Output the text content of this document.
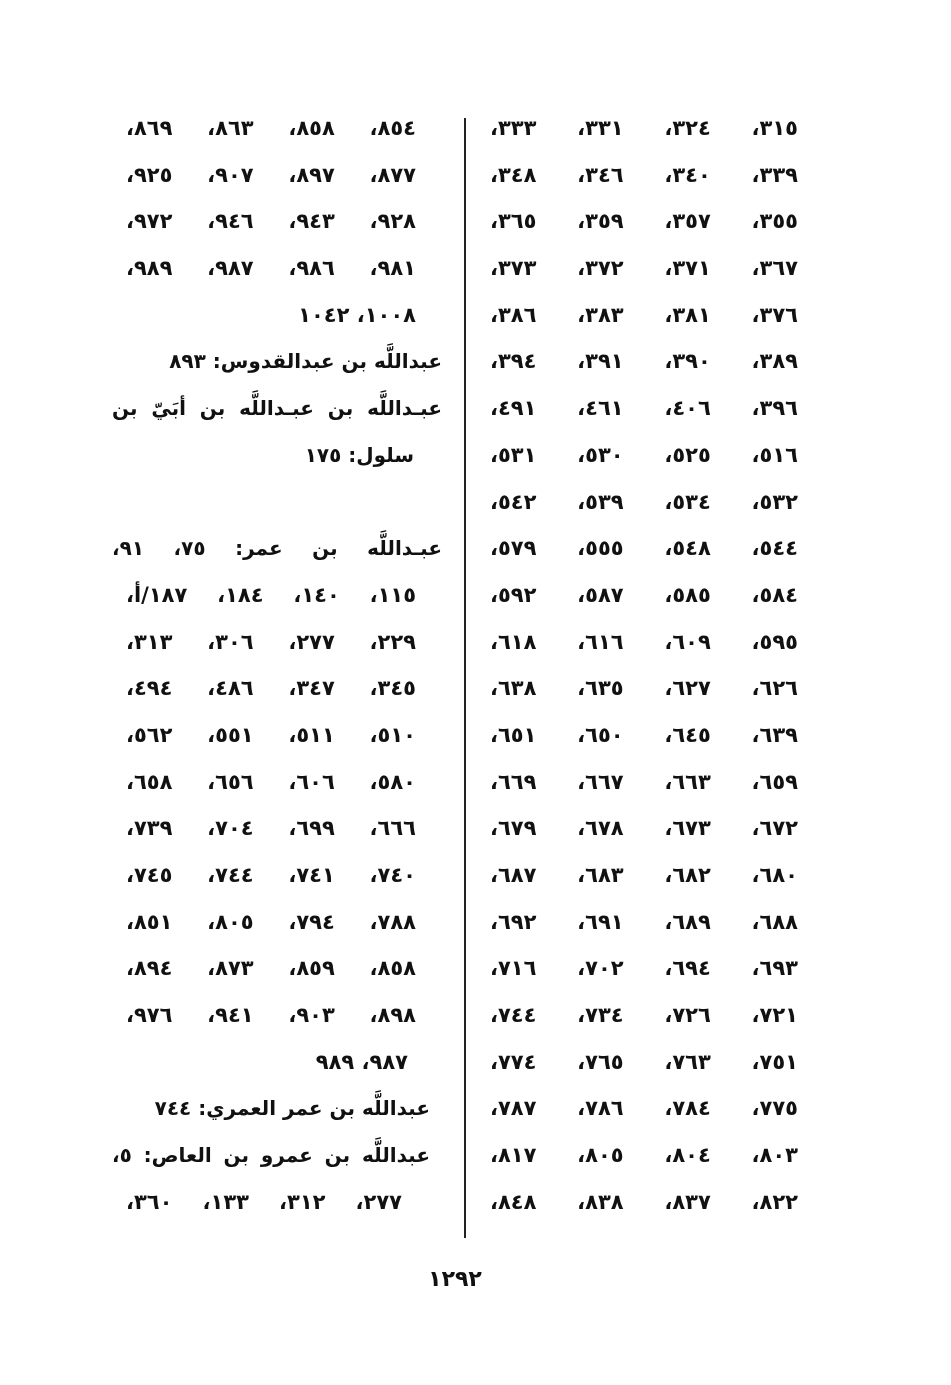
٣١٥، ٣٢٤، ٣٣١، ٣٣٣،
٣٣٩، ٣٤٠، ٣٤٦، ٣٤٨،
٣٥٥، ٣٥٧، ٣٥٩، ٣٦٥،
٣٦٧، ٣٧١، ٣٧٢، ٣٧٣،
٣٧٦، ٣٨١، ٣٨٣، ٣٨٦،
٣٨٩، ٣٩٠، ٣٩١، ٣٩٤،
٣٩٦، ٤٠٦، ٤٦١، ٤٩١،
٥١٦، ٥٢٥، ٥٣٠، ٥٣١،
٥٣٢، ٥٣٤، ٥٣٩، ٥٤٢،
٥٤٤، ٥٤٨، ٥٥٥، ٥٧٩،
٥٨٤، ٥٨٥، ٥٨٧، ٥٩٢،
٥٩٥، ٦٠٩، ٦١٦، ٦١٨،
٦٢٦، ٦٢٧، ٦٣٥، ٦٣٨،
٦٣٩، ٦٤٥، ٦٥٠، ٦٥١،
٦٥٩، ٦٦٣، ٦٦٧، ٦٦٩،
٦٧٢، ٦٧٣، ٦٧٨، ٦٧٩،
٦٨٠، ٦٨٢، ٦٨٣، ٦٨٧،
٦٨٨، ٦٨٩، ٦٩١، ٦٩٢،
٦٩٣، ٦٩٤، ٧٠٢، ٧١٦،
٧٢١، ٧٢٦، ٧٣٤، ٧٤٤،
٧٥١، ٧٦٣، ٧٦٥، ٧٧٤،
٧٧٥، ٧٨٤، ٧٨٦، ٧٨٧،
٨٠٣، ٨٠٤، ٨٠٥، ٨١٧،
٨٢٢، ٨٣٧، ٨٣٨، ٨٤٨،
٨٥٤، ٨٥٨، ٨٦٣، ٨٦٩،
٨٧٧، ٨٩٧، ٩٠٧، ٩٢٥،
٩٢٨، ٩٤٣، ٩٤٦، ٩٧٢،
٩٨١، ٩٨٦، ٩٨٧، ٩٨٩،
١٠٠٨، ١٠٤٢
عبداللَّه بن عبدالقدوس: ٨٩٣
عبـداللَّه بن عبـداللَّه بن أبَيّ بن
سلول: ١٧٥
عبـداللَّه بن عمر: ٧٥، ٩١،
١١٥، ١٤٠، ١٨٤، ١٨٧/أ،
٢٢٩، ٢٧٧، ٣٠٦، ٣١٣،
٣٤٥، ٣٤٧، ٤٨٦، ٤٩٤،
٥١٠، ٥١١، ٥٥١، ٥٦٢،
٥٨٠، ٦٠٦، ٦٥٦، ٦٥٨،
٦٦٦، ٦٩٩، ٧٠٤، ٧٣٩،
٧٤٠، ٧٤١، ٧٤٤، ٧٤٥،
٧٨٨، ٧٩٤، ٨٠٥، ٨٥١،
٨٥٨، ٨٥٩، ٨٧٣، ٨٩٤،
٨٩٨، ٩٠٣، ٩٤١، ٩٧٦،
٩٨٧، ٩٨٩
عبداللَّه بن عمر العمري: ٧٤٤
عبداللَّه بن عمرو بن العاص: ٥،
٢٧٧، ٣١٢، ١٣٣، ٣٦٠،
١٢٩٢
